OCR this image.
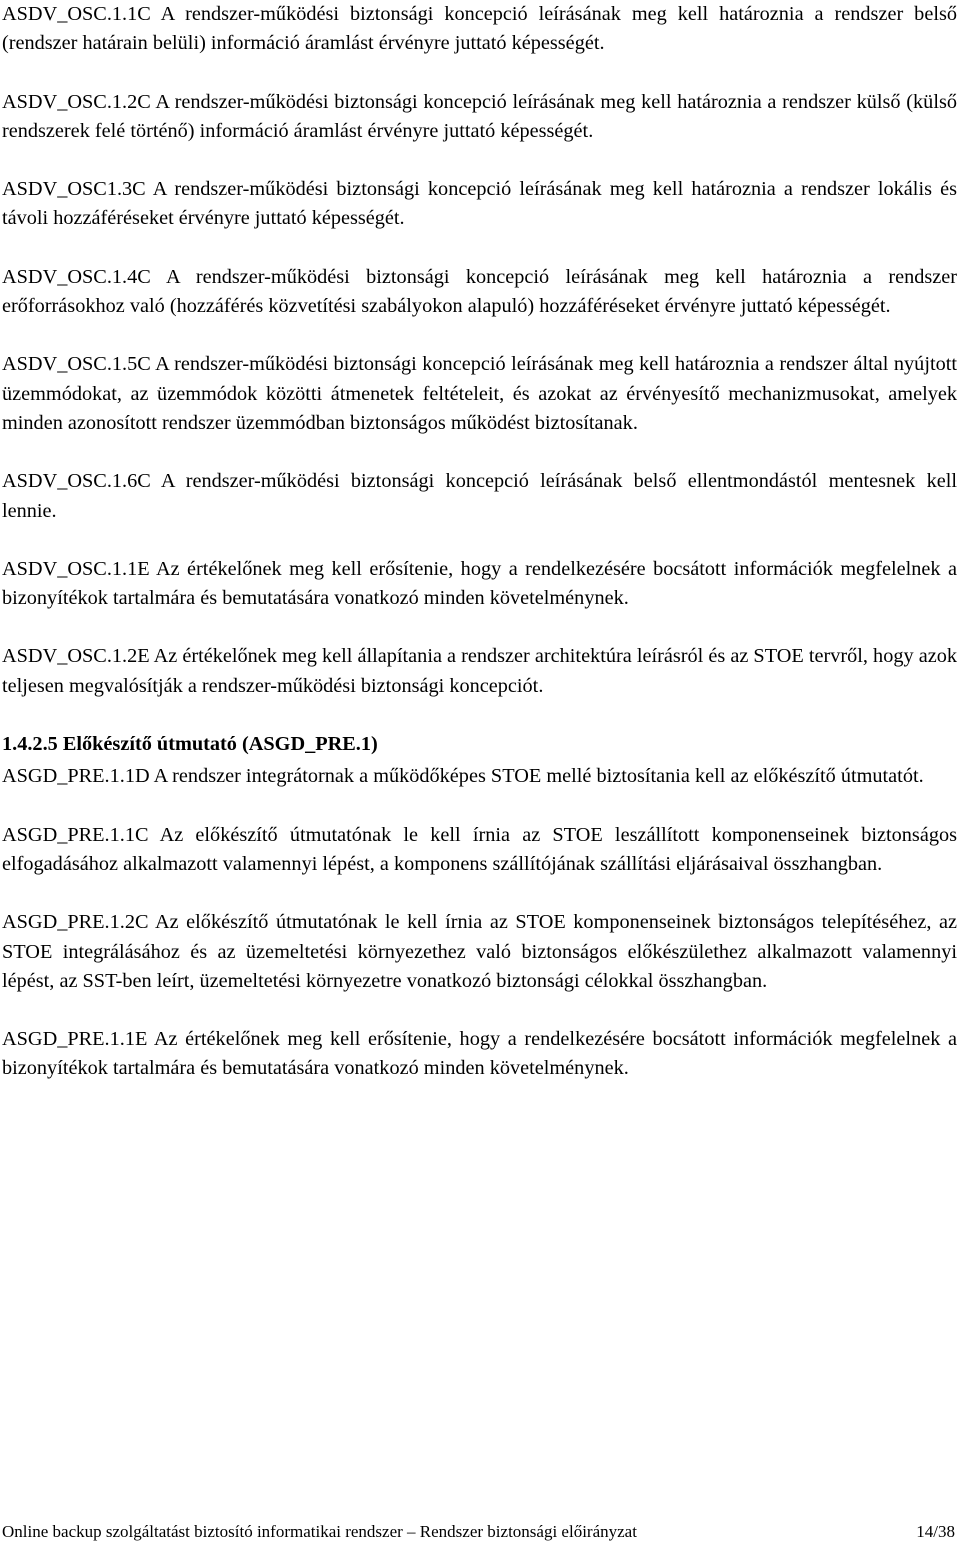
ASDV_OSC.1.1C A rendszer-működési biztonsági koncepció leírásának meg kell határoznia a rendszer belső (rendszer határain belüli) információ áramlást érvényre juttató képességét.

ASDV_OSC.1.2C A rendszer-működési biztonsági koncepció leírásának meg kell határoznia a rendszer külső (külső rendszerek felé történő) információ áramlást érvényre juttató képességét.

ASDV_OSC1.3C A rendszer-működési biztonsági koncepció leírásának meg kell határoznia a rendszer lokális és távoli hozzáféréseket érvényre juttató képességét.

ASDV_OSC.1.4C A rendszer-működési biztonsági koncepció leírásának meg kell határoznia a rendszer erőforrásokhoz való (hozzáférés közvetítési szabályokon alapuló) hozzáféréseket érvényre juttató képességét.

ASDV_OSC.1.5C A rendszer-működési biztonsági koncepció leírásának meg kell határoznia a rendszer által nyújtott üzemmódokat, az üzemmódok közötti átmenetek feltételeit, és azokat az érvényesítő mechanizmusokat, amelyek minden azonosított rendszer üzemmódban biztonságos működést biztosítanak.

ASDV_OSC.1.6C A rendszer-működési biztonsági koncepció leírásának belső ellentmondástól mentesnek kell lennie.

ASDV_OSC.1.1E Az értékelőnek meg kell erősítenie, hogy a rendelkezésére bocsátott információk megfelelnek a bizonyítékok tartalmára és bemutatására vonatkozó minden követelménynek.

ASDV_OSC.1.2E Az értékelőnek meg kell állapítania a rendszer architektúra leírásról és az STOE tervről, hogy azok teljesen megvalósítják a rendszer-működési biztonsági koncepciót.

1.4.2.5 Előkészítő útmutató (ASGD_PRE.1)

ASGD_PRE.1.1D A rendszer integrátornak a működőképes STOE mellé biztosítania kell az előkészítő útmutatót.

ASGD_PRE.1.1C Az előkészítő útmutatónak le kell írnia az STOE leszállított komponenseinek biztonságos elfogadásához alkalmazott valamennyi lépést, a komponens szállítójának szállítási eljárásaival összhangban.

ASGD_PRE.1.2C Az előkészítő útmutatónak le kell írnia az STOE komponenseinek biztonságos telepítéséhez, az STOE integrálásához és az üzemeltetési környezethez való biztonságos előkészülethez alkalmazott valamennyi lépést, az SST-ben leírt, üzemeltetési környezetre vonatkozó biztonsági célokkal összhangban.

ASGD_PRE.1.1E Az értékelőnek meg kell erősítenie, hogy a rendelkezésére bocsátott információk megfelelnek a bizonyítékok tartalmára és bemutatására vonatkozó minden követelménynek.

Online backup szolgáltatást biztosító informatikai rendszer – Rendszer biztonsági előirányzat	14/38
